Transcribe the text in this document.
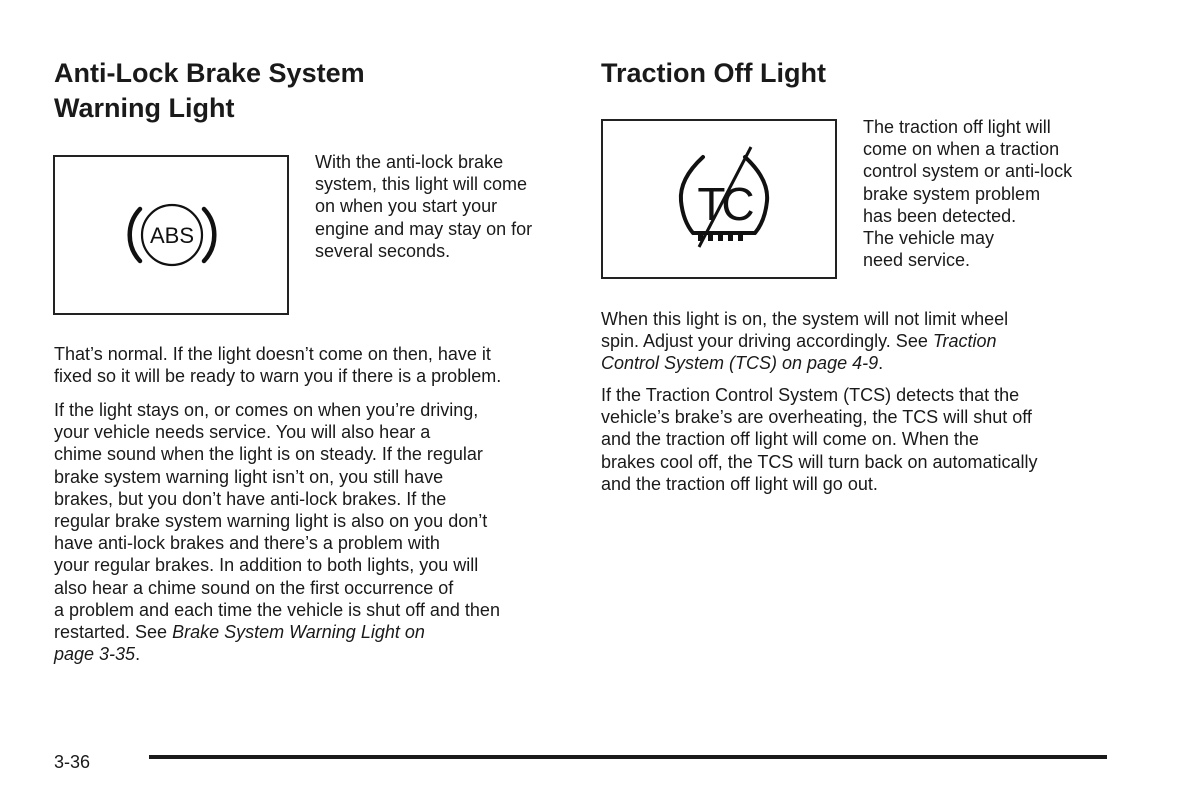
Anti-Lock Brake System
Warning Light
ABS
With the anti-lock brake
system, this light will come
on when you start your
engine and may stay on for
several seconds.
That’s normal. If the light doesn’t come on then, have it
fixed so it will be ready to warn you if there is a problem.
If the light stays on, or comes on when you’re driving,
your vehicle needs service. You will also hear a
chime sound when the light is on steady. If the regular
brake system warning light isn’t on, you still have
brakes, but you don’t have anti-lock brakes. If the
regular brake system warning light is also on you don’t
have anti-lock brakes and there’s a problem with
your regular brakes. In addition to both lights, you will
also hear a chime sound on the first occurrence of
a problem and each time the vehicle is shut off and then
restarted. See Brake System Warning Light on
page 3-35.
Traction Off Light
TC
The traction off light will
come on when a traction
control system or anti-lock
brake system problem
has been detected.
The vehicle may
need service.
When this light is on, the system will not limit wheel
spin. Adjust your driving accordingly. See Traction
Control System (TCS) on page 4-9.
If the Traction Control System (TCS) detects that the
vehicle’s brake’s are overheating, the TCS will shut off
and the traction off light will come on. When the
brakes cool off, the TCS will turn back on automatically
and the traction off light will go out.
3-36
